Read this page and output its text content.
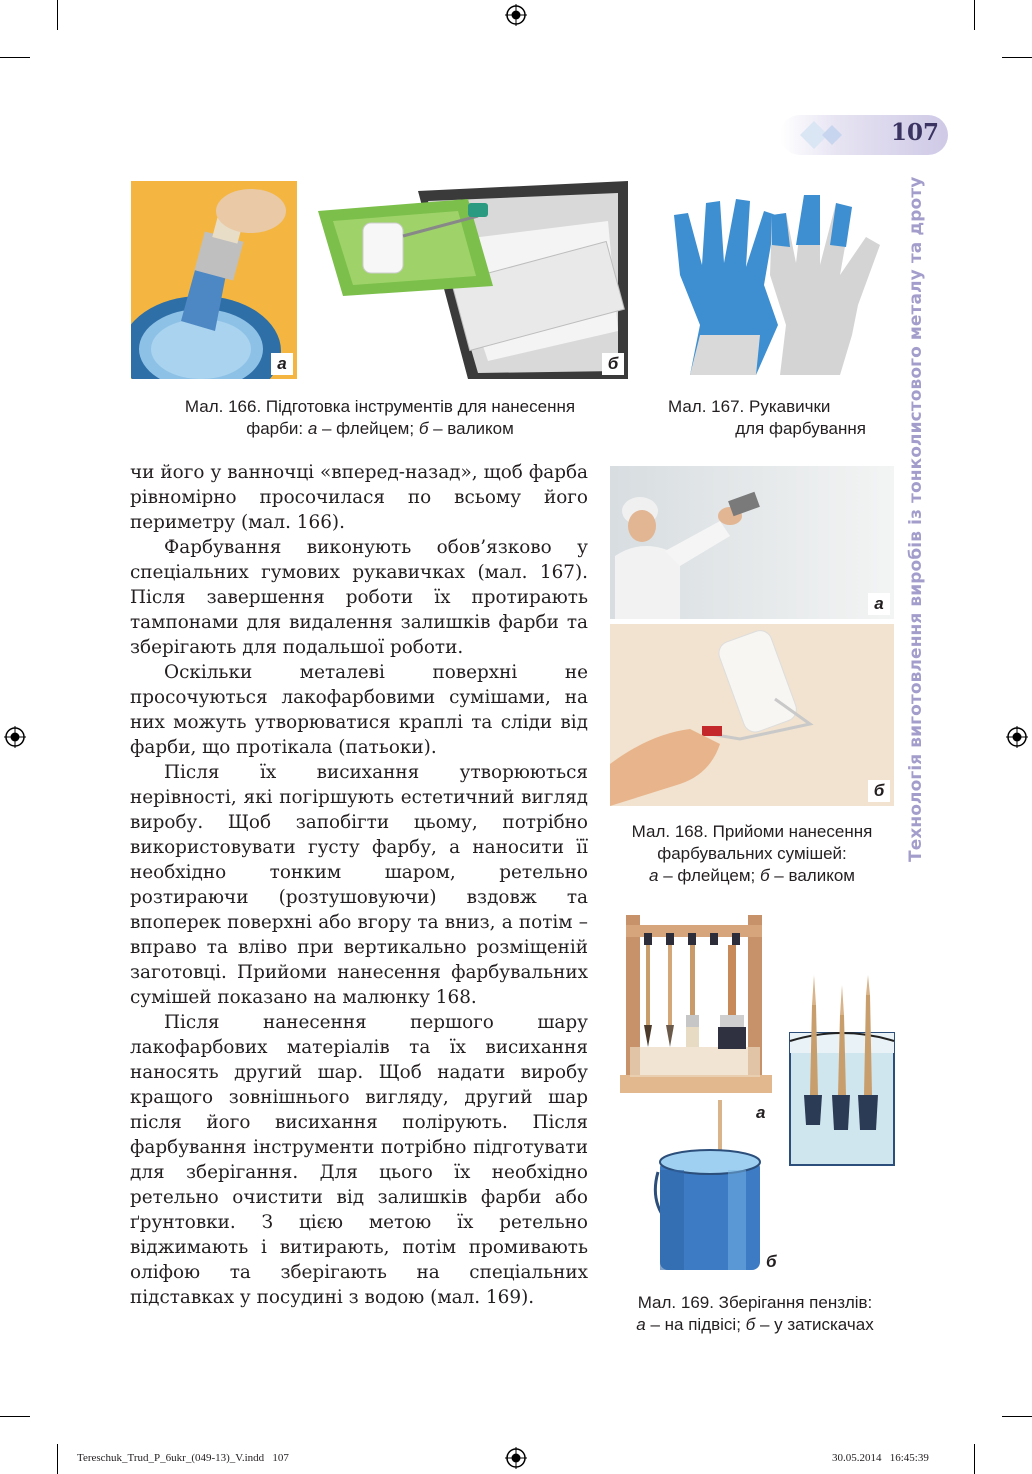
107
Технологія виготовлення виробів із тонколистового металу та дроту
а	б
Мал. 166. Підготовка інструментів для нанесення
фарби: а – флейцем; б – валиком
Мал. 167. Рукавички
для фарбування

чи його у ванночці «вперед-назад», щоб фарба рівномірно просочилася по всьому його периметру (мал. 166).

Фарбування виконують обов’язково у спеціальних гумових рукавичках (мал. 167). Після завершення роботи їх протирають тампонами для видалення залишків фарби та зберігають для подальшої роботи.

Оскільки металеві поверхні не просочуються лакофарбовими сумішами, на них можуть утворюватися краплі та сліди від фарби, що протікала (патьоки).

Після їх висихання утворюються нерівності, які погіршують естетичний вигляд виробу. Щоб запобігти цьому, потрібно використовувати густу фарбу, а наносити її необхідно тонким шаром, ретельно розтираючи (розтушовуючи) вздовж та впоперек поверхні або вгору та вниз, а потім – вправо та вліво при вертикально розміщеній заготовці. Прийоми нанесення фарбувальних сумішей показано на малюнку 168.

Після нанесення першого шару лакофарбових матеріалів та їх висихання наносять другий шар. Щоб надати виробу кращого зовнішнього вигляду, другий шар після його висихання полірують. Після фарбування інструменти потрібно підготувати для зберігання. Для цього їх необхідно ретельно очистити від залишків фарби або ґрунтовки. З цією метою їх ретельно віджимають і витирають, потім промивають оліфою та зберігають на спеціальних підставках у посудині з водою (мал. 169).

а
б
Мал. 168. Прийоми нанесення
фарбувальних сумішей:
а – флейцем; б – валиком
а
б
Мал. 169. Зберігання пензлів:
а – на підвісі; б – у затискачах
Tereschuk_Trud_P_6ukr_(049-13)_V.indd   107	30.05.2014   16:45:39
